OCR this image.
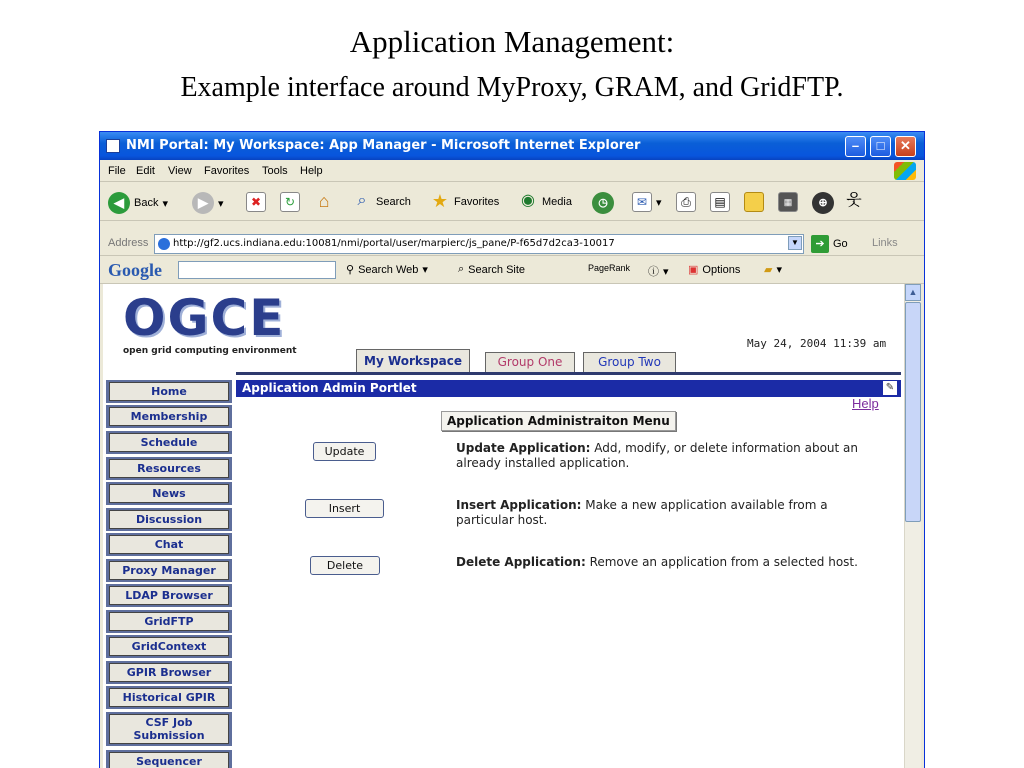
Application Management:
Example interface around MyProxy, GRAM, and GridFTP.
NMI Portal: My Workspace: App Manager - Microsoft Internet Explorer	–	□	✕
File Edit View Favorites Tools Help
◀ Back ▾	▶ ▾	✖	↻ ⌂	⌕ Search ★ Favorites ◉ Media	◷	✉ ▾	⎙	▤	▦	⊕	웃
Address	http://gf2.ucs.indiana.edu:10081/nmi/portal/user/marpierc/js_pane/P-f65d7d2ca3-10017	▼	➔ Go Links
Google	⚲ Search Web ▾	⌕ Search Site	PageRank ⓘ ▾ ▣ Options ▰ ▾
OGCE
open grid computing environment
May 24, 2004 11:39 am
My Workspace	Group One	Group Two
Home
Membership
Schedule
Resources
News
Discussion
Chat
Proxy Manager
LDAP Browser
GridFTP
GridContext
GPIR Browser
Historical GPIR
CSF Job Submission
Sequencer
Application Admin Portlet	✎
Help
Application Administraiton Menu
Update	Update Application: Add, modify, or delete information about an already installed application.
Insert	Insert Application: Make a new application available from a particular host.
Delete	Delete Application: Remove an application from a selected host.
▲
